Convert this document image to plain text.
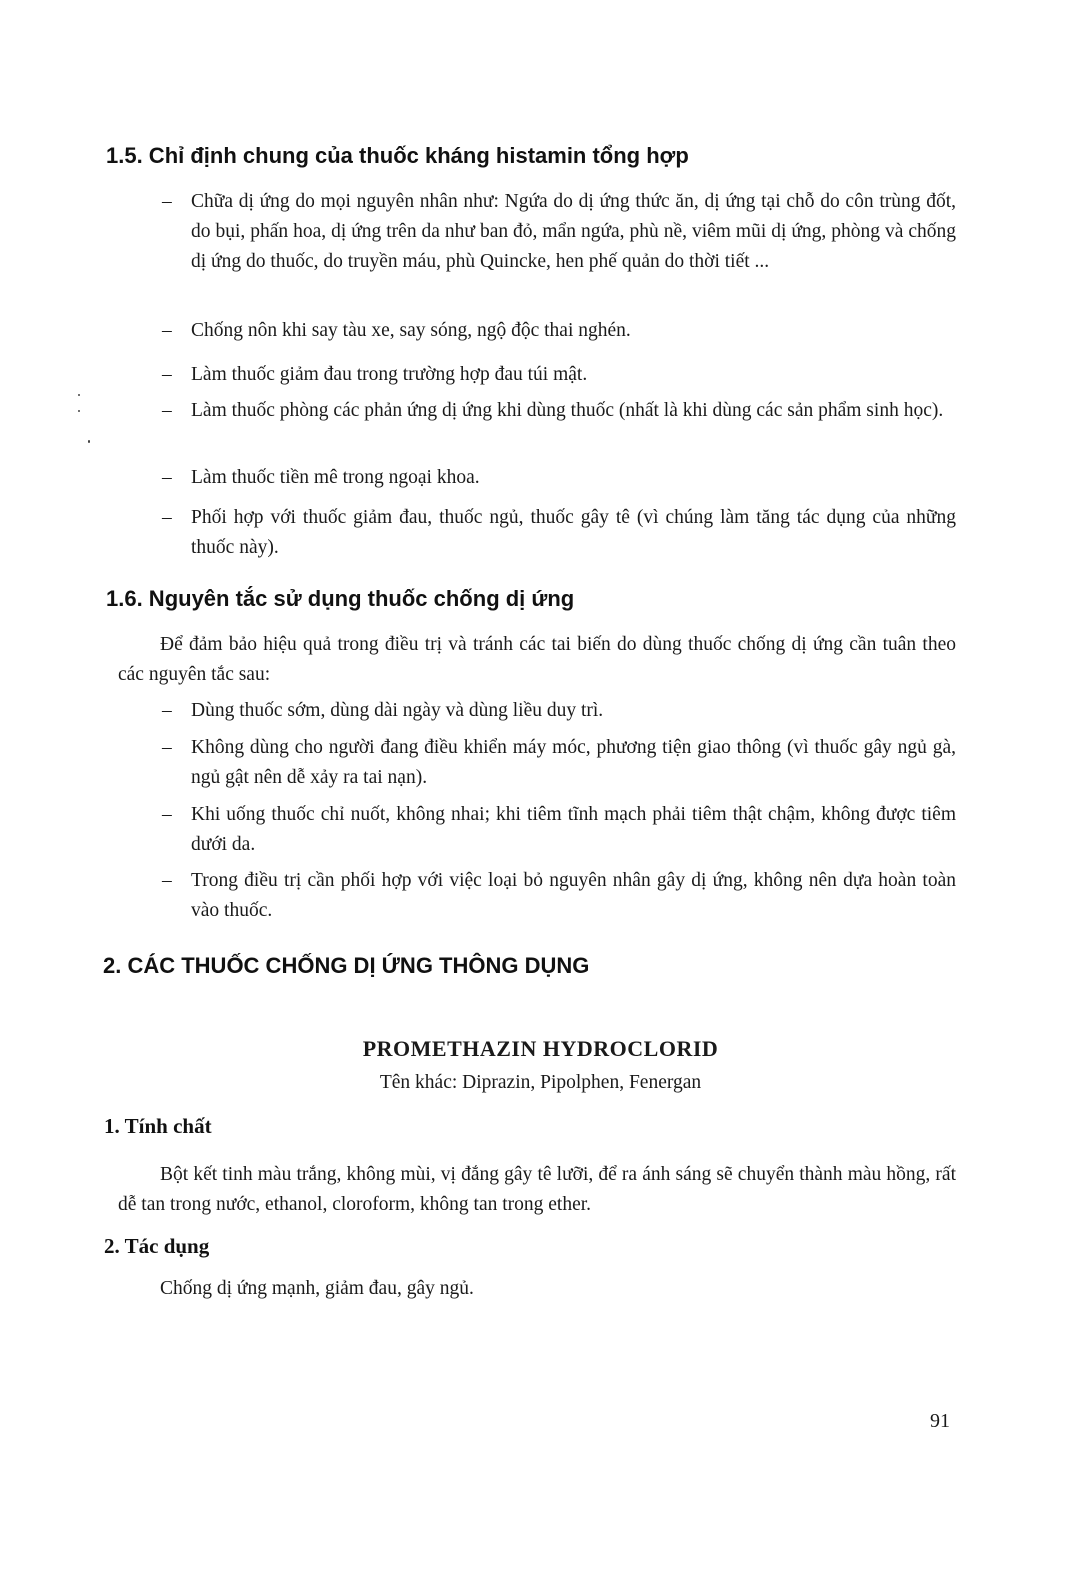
1.5. Chỉ định chung của thuốc kháng histamin tổng hợp
– Chữa dị ứng do mọi nguyên nhân như: Ngứa do dị ứng thức ăn, dị ứng tại chỗ do côn trùng đốt, do bụi, phấn hoa, dị ứng trên da như ban đỏ, mẩn ngứa, phù nề, viêm mũi dị ứng, phòng và chống dị ứng do thuốc, do truyền máu, phù Quincke, hen phế quản do thời tiết ...
– Chống nôn khi say tàu xe, say sóng, ngộ độc thai nghén.
– Làm thuốc giảm đau trong trường hợp đau túi mật.
– Làm thuốc phòng các phản ứng dị ứng khi dùng thuốc (nhất là khi dùng các sản phẩm sinh học).
– Làm thuốc tiền mê trong ngoại khoa.
– Phối hợp với thuốc giảm đau, thuốc ngủ, thuốc gây tê (vì chúng làm tăng tác dụng của những thuốc này).
1.6. Nguyên tắc sử dụng thuốc chống dị ứng
Để đảm bảo hiệu quả trong điều trị và tránh các tai biến do dùng thuốc chống dị ứng cần tuân theo các nguyên tắc sau:
– Dùng thuốc sớm, dùng dài ngày và dùng liều duy trì.
– Không dùng cho người đang điều khiển máy móc, phương tiện giao thông (vì thuốc gây ngủ gà, ngủ gật nên dễ xảy ra tai nạn).
– Khi uống thuốc chỉ nuốt, không nhai; khi tiêm tĩnh mạch phải tiêm thật chậm, không được tiêm dưới da.
– Trong điều trị cần phối hợp với việc loại bỏ nguyên nhân gây dị ứng, không nên dựa hoàn toàn vào thuốc.
2. CÁC THUỐC CHỐNG DỊ ỨNG THÔNG DỤNG
PROMETHAZIN HYDROCLORID
Tên khác: Diprazin, Pipolphen, Fenergan
1. Tính chất
Bột kết tinh màu trắng, không mùi, vị đắng gây tê lưỡi, để ra ánh sáng sẽ chuyển thành màu hồng, rất dễ tan trong nước, ethanol, cloroform, không tan trong ether.
2. Tác dụng
Chống dị ứng mạnh, giảm đau, gây ngủ.
91
